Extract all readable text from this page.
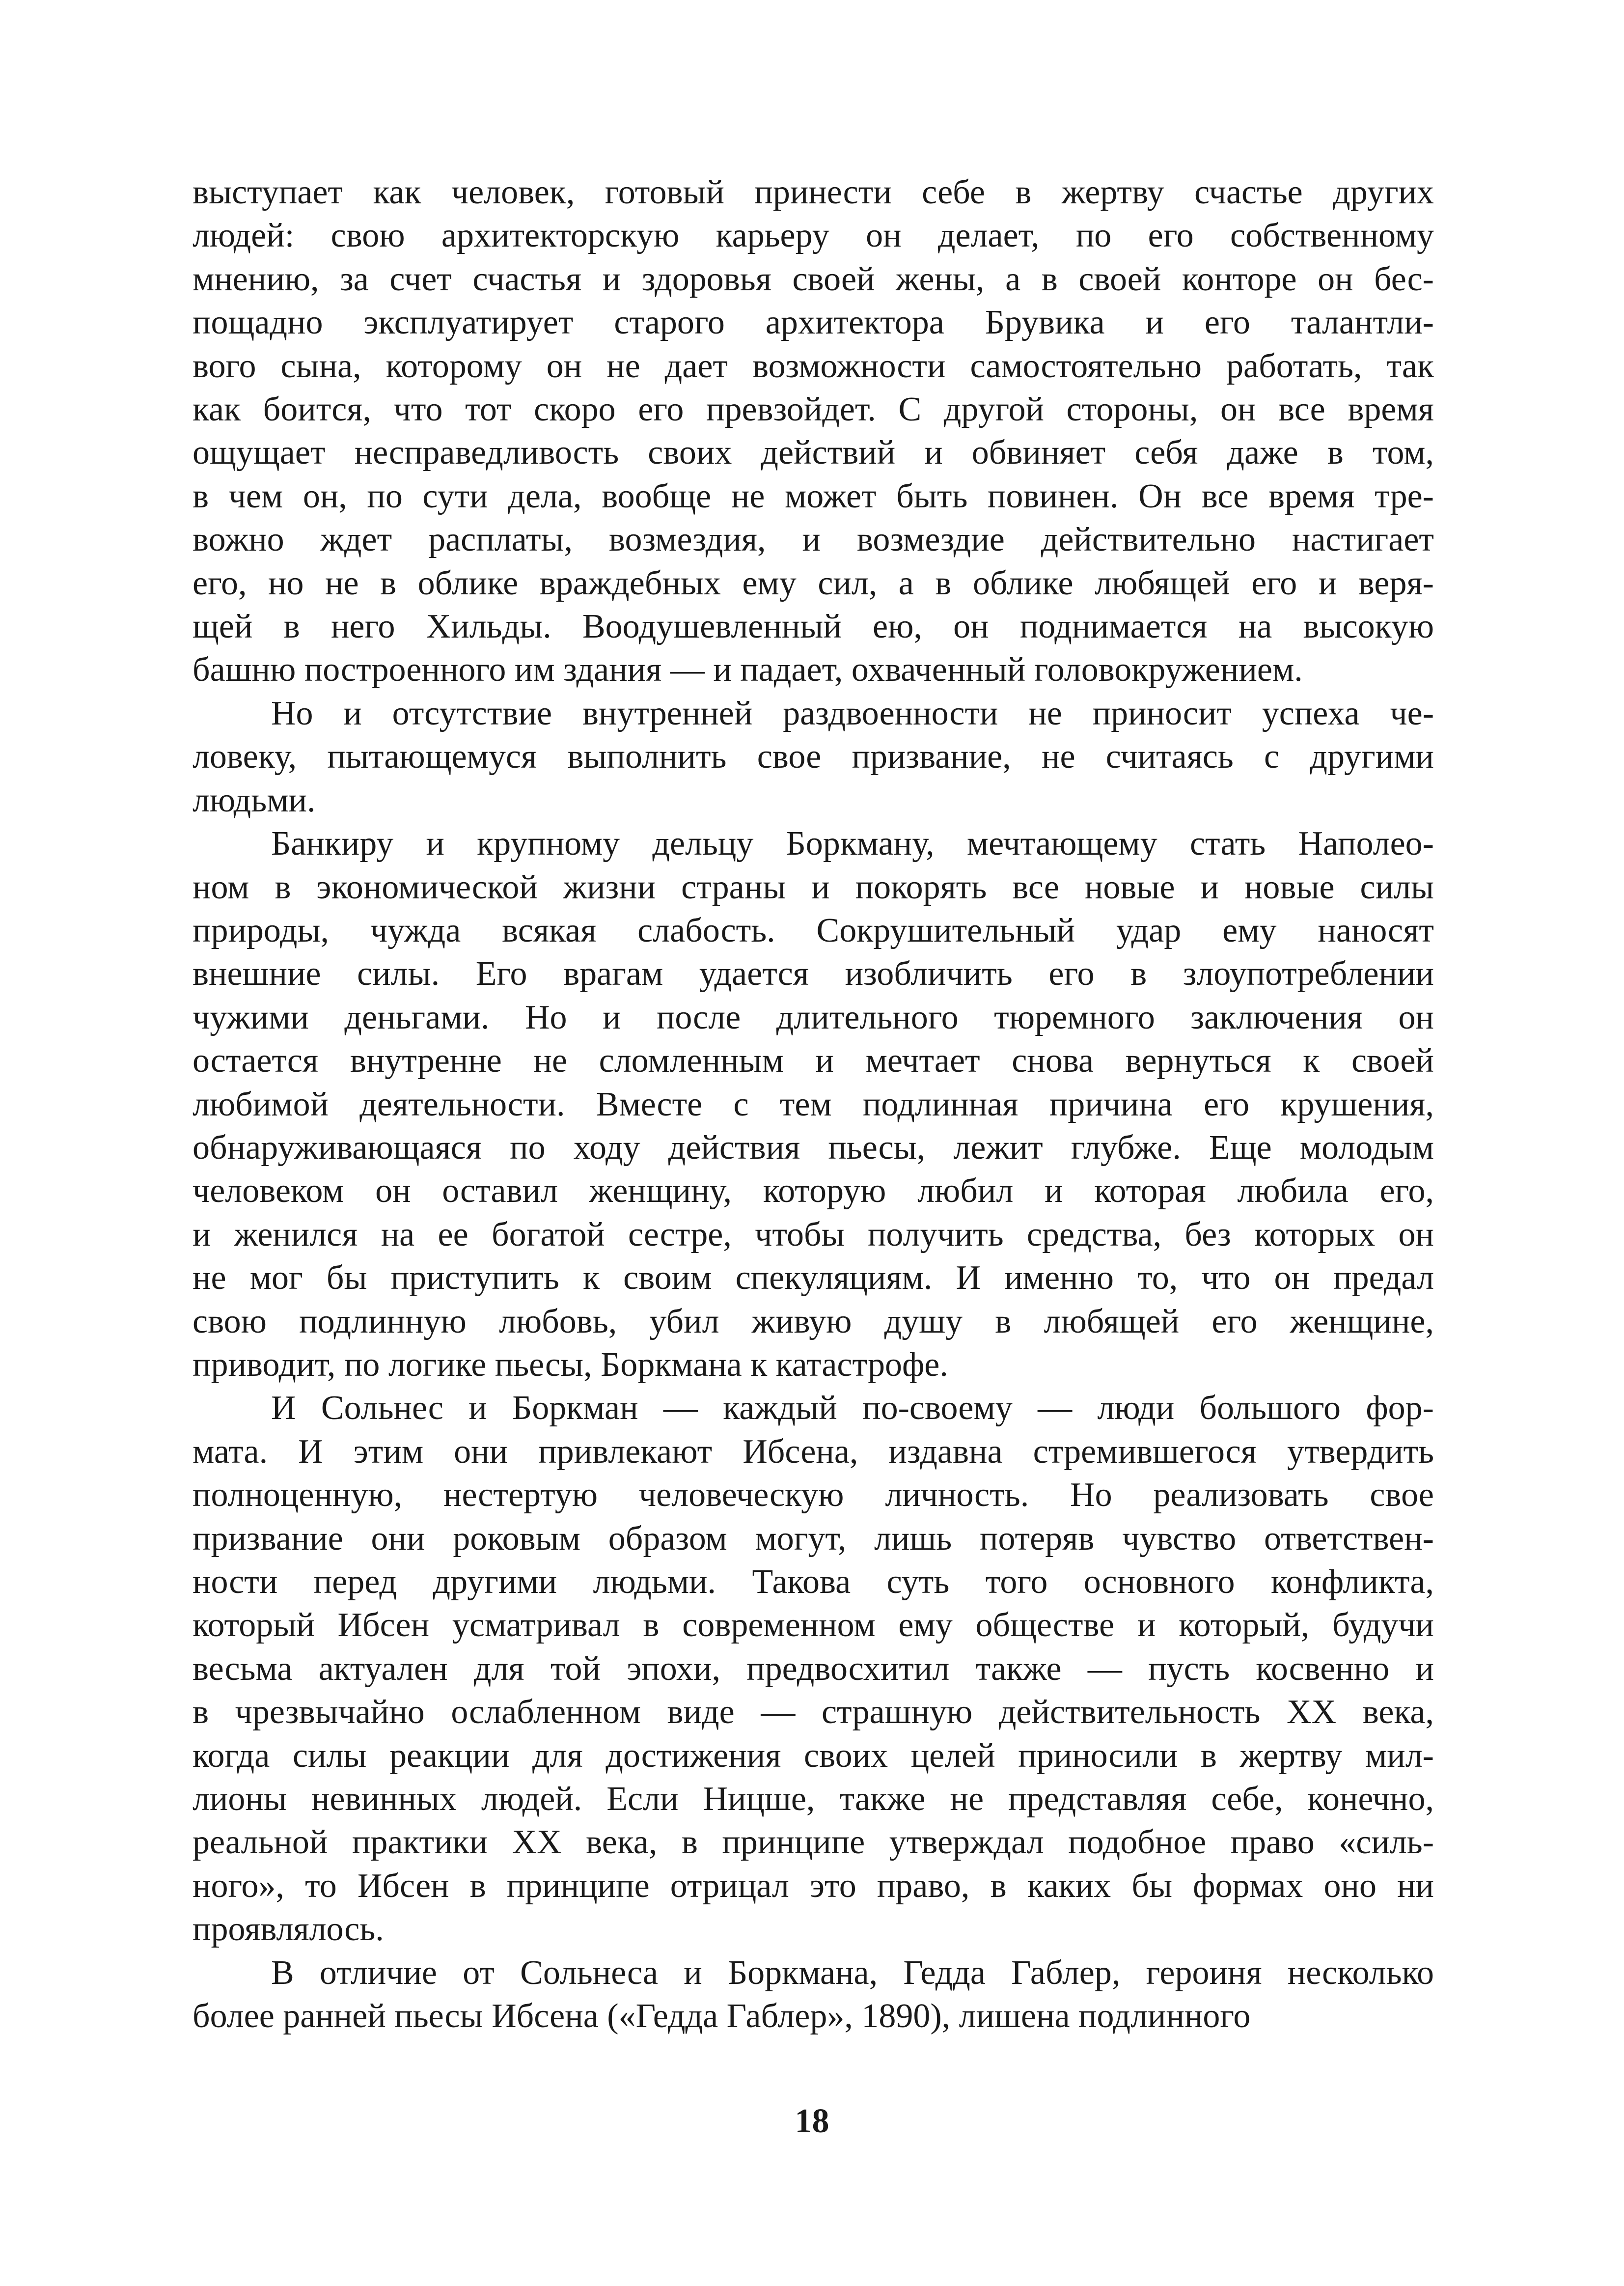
выступает как человек, готовый принести себе в жертву счастье других
людей: свою архитекторскую карьеру он делает, по его собственному
мнению, за счет счастья и здоровья своей жены, а в своей конторе он бес-
пощадно эксплуатирует старого архитектора Брувика и его талантли-
вого сына, которому он не дает возможности самостоятельно работать, так
как боится, что тот скоро его превзойдет. С другой стороны, он все время
ощущает несправедливость своих действий и обвиняет себя даже в том,
в чем он, по сути дела, вообще не может быть повинен. Он все время тре-
вожно ждет расплаты, возмездия, и возмездие действительно настигает
его, но не в облике враждебных ему сил, а в облике любящей его и веря-
щей в него Хильды. Воодушевленный ею, он поднимается на высокую
башню построенного им здания — и падает, охваченный головокружением.
Но и отсутствие внутренней раздвоенности не приносит успеха че-
ловеку, пытающемуся выполнить свое призвание, не считаясь с другими
людьми.
Банкиру и крупному дельцу Боркману, мечтающему стать Наполео-
ном в экономической жизни страны и покорять все новые и новые силы
природы, чужда всякая слабость. Сокрушительный удар ему наносят
внешние силы. Его врагам удается изобличить его в злоупотреблении
чужими деньгами. Но и после длительного тюремного заключения он
остается внутренне не сломленным и мечтает снова вернуться к своей
любимой деятельности. Вместе с тем подлинная причина его крушения,
обнаруживающаяся по ходу действия пьесы, лежит глубже. Еще молодым
человеком он оставил женщину, которую любил и которая любила его,
и женился на ее богатой сестре, чтобы получить средства, без которых он
не мог бы приступить к своим спекуляциям. И именно то, что он предал
свою подлинную любовь, убил живую душу в любящей его женщине,
приводит, по логике пьесы, Боркмана к катастрофе.
И Сольнес и Боркман — каждый по-своему — люди большого фор-
мата. И этим они привлекают Ибсена, издавна стремившегося утвердить
полноценную, нестертую человеческую личность. Но реализовать свое
призвание они роковым образом могут, лишь потеряв чувство ответствен-
ности перед другими людьми. Такова суть того основного конфликта,
который Ибсен усматривал в современном ему обществе и который, будучи
весьма актуален для той эпохи, предвосхитил также — пусть косвенно и
в чрезвычайно ослабленном виде — страшную действительность XX века,
когда силы реакции для достижения своих целей приносили в жертву мил-
лионы невинных людей. Если Ницше, также не представляя себе, конечно,
реальной практики XX века, в принципе утверждал подобное право «силь-
ного», то Ибсен в принципе отрицал это право, в каких бы формах оно ни
проявлялось.
В отличие от Сольнеса и Боркмана, Гедда Габлер, героиня несколько
более ранней пьесы Ибсена («Гедда Габлер», 1890), лишена подлинного
18
